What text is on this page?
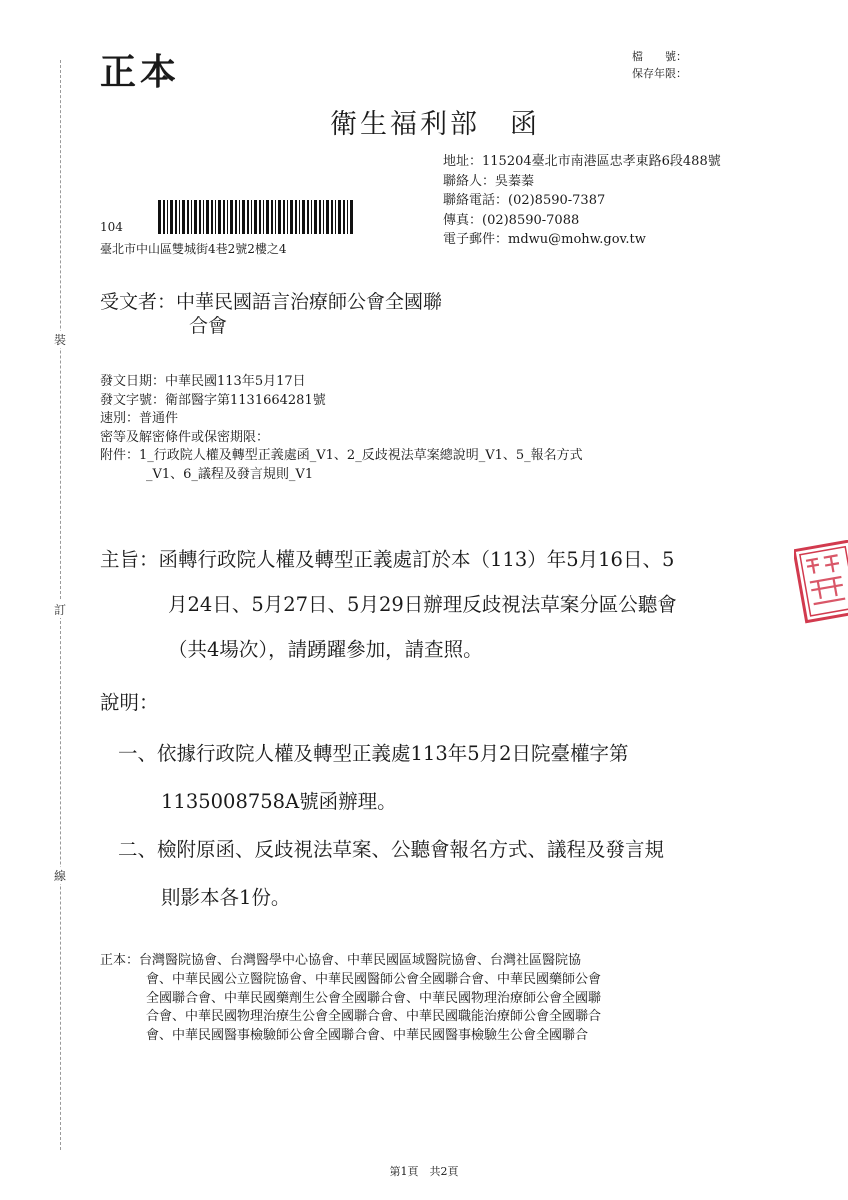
正本	檔　　號：
保存年限：
衛生福利部　函
地址：115204臺北市南港區忠孝東路6段488號
聯絡人：吳蓁蓁
聯絡電話：(02)8590-7387
傳真：(02)8590-7088
電子郵件：mdwu@mohw.gov.tw
104
臺北市中山區雙城街4巷2號2樓之4
裝
訂
線
受文者：中華民國語言治療師公會全國聯
合會
發文日期：中華民國113年5月17日
發文字號：衛部醫字第1131664281號
速別：普通件
密等及解密條件或保密期限：
附件：1_行政院人權及轉型正義處函_V1、2_反歧視法草案總說明_V1、5_報名方式
_V1、6_議程及發言規則_V1
主旨：函轉行政院人權及轉型正義處訂於本（113）年5月16日、5
月24日、5月27日、5月29日辦理反歧視法草案分區公聽會
（共4場次），請踴躍參加，請查照。
說明：
一、依據行政院人權及轉型正義處113年5月2日院臺權字第
1135008758A號函辦理。
二、檢附原函、反歧視法草案、公聽會報名方式、議程及發言規
則影本各1份。
正本：台灣醫院協會、台灣醫學中心協會、中華民國區域醫院協會、台灣社區醫院協
會、中華民國公立醫院協會、中華民國醫師公會全國聯合會、中華民國藥師公會
全國聯合會、中華民國藥劑生公會全國聯合會、中華民國物理治療師公會全國聯
合會、中華民國物理治療生公會全國聯合會、中華民國職能治療師公會全國聯合
會、中華民國醫事檢驗師公會全國聯合會、中華民國醫事檢驗生公會全國聯合
第1頁　共2頁
